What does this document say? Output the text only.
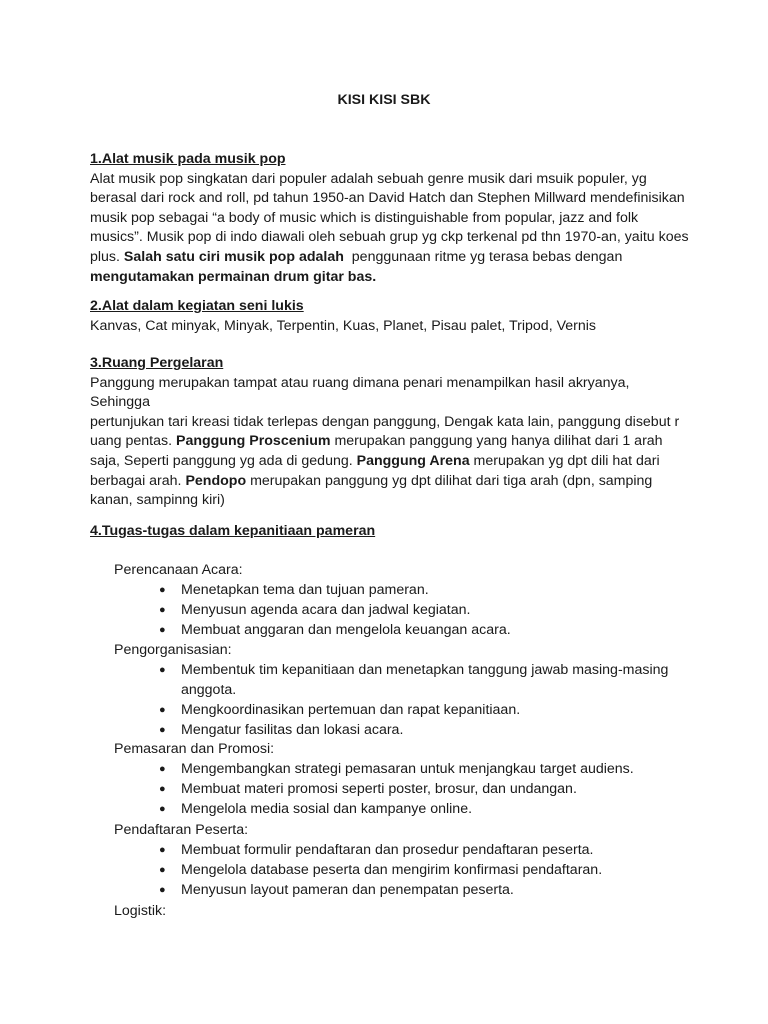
KISI KISI SBK
1.Alat musik pada musik pop
Alat musik pop singkatan dari populer adalah sebuah genre musik dari msuik populer, yg
berasal dari rock and roll, pd tahun 1950-an David Hatch dan Stephen Millward mendefinisikan
musik pop sebagai “a body of music which is distinguishable from popular, jazz and folk
musics”. Musik pop di indo diawali oleh sebuah grup yg ckp terkenal pd thn 1970-an, yaitu koes
plus. Salah satu ciri musik pop adalah  penggunaan ritme yg terasa bebas dengan
mengutamakan permainan drum gitar bas.
2.Alat dalam kegiatan seni lukis
Kanvas, Cat minyak, Minyak, Terpentin, Kuas, Planet, Pisau palet, Tripod, Vernis
3.Ruang Pergelaran
Panggung merupakan tampat atau ruang dimana penari menampilkan hasil akryanya, Sehingga
pertunjukan tari kreasi tidak terlepas dengan panggung, Dengak kata lain, panggung disebut r
uang pentas. Panggung Proscenium merupakan panggung yang hanya dilihat dari 1 arah
saja, Seperti panggung yg ada di gedung. Panggung Arena merupakan yg dpt dili hat dari
berbagai arah. Pendopo merupakan panggung yg dpt dilihat dari tiga arah (dpn, samping
kanan, sampinng kiri)
4.Tugas-tugas dalam kepanitiaan pameran
Perencanaan Acara:
● Menetapkan tema dan tujuan pameran.
● Menyusun agenda acara dan jadwal kegiatan.
● Membuat anggaran dan mengelola keuangan acara.
Pengorganisasian:
● Membentuk tim kepanitiaan dan menetapkan tanggung jawab masing-masing
anggota.
● Mengkoordinasikan pertemuan dan rapat kepanitiaan.
● Mengatur fasilitas dan lokasi acara.
Pemasaran dan Promosi:
● Mengembangkan strategi pemasaran untuk menjangkau target audiens.
● Membuat materi promosi seperti poster, brosur, dan undangan.
● Mengelola media sosial dan kampanye online.
Pendaftaran Peserta:
● Membuat formulir pendaftaran dan prosedur pendaftaran peserta.
● Mengelola database peserta dan mengirim konfirmasi pendaftaran.
● Menyusun layout pameran dan penempatan peserta.
Logistik:
